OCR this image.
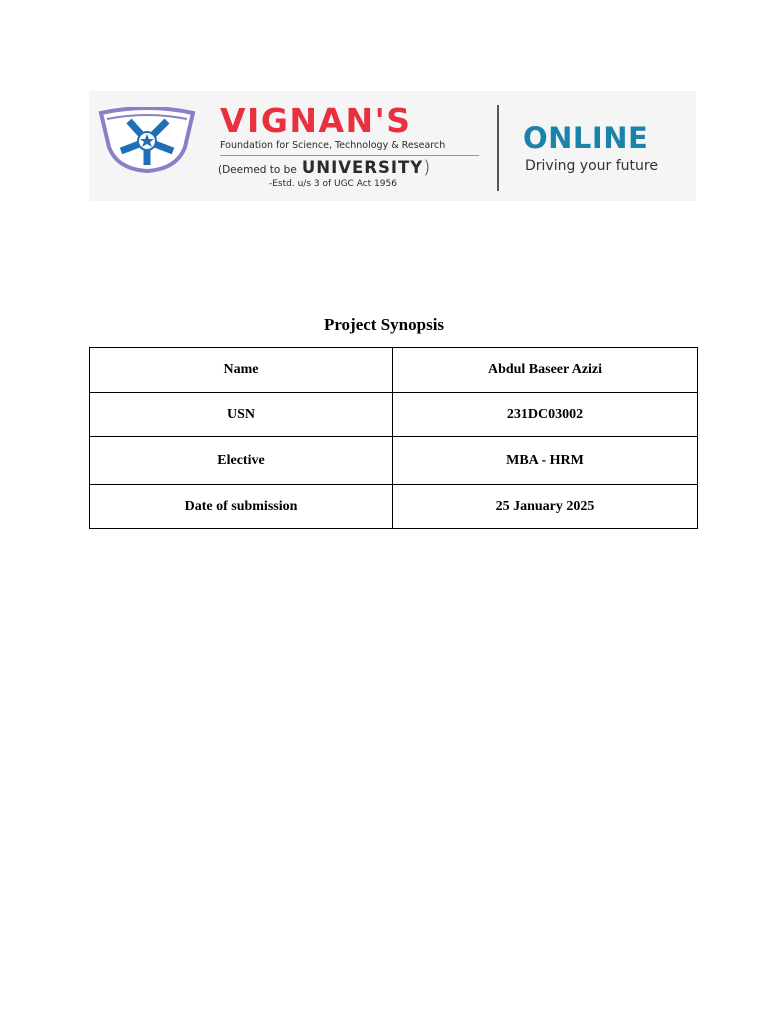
VIGNAN'S
Foundation for Science, Technology & Research
(Deemed to be UNIVERSITY)
-Estd. u/s 3 of UGC Act 1956
ONLINE
Driving your future
Project Synopsis
Name	Abdul Baseer Azizi
USN	231DC03002
Elective	MBA - HRM
Date of submission	25 January 2025
